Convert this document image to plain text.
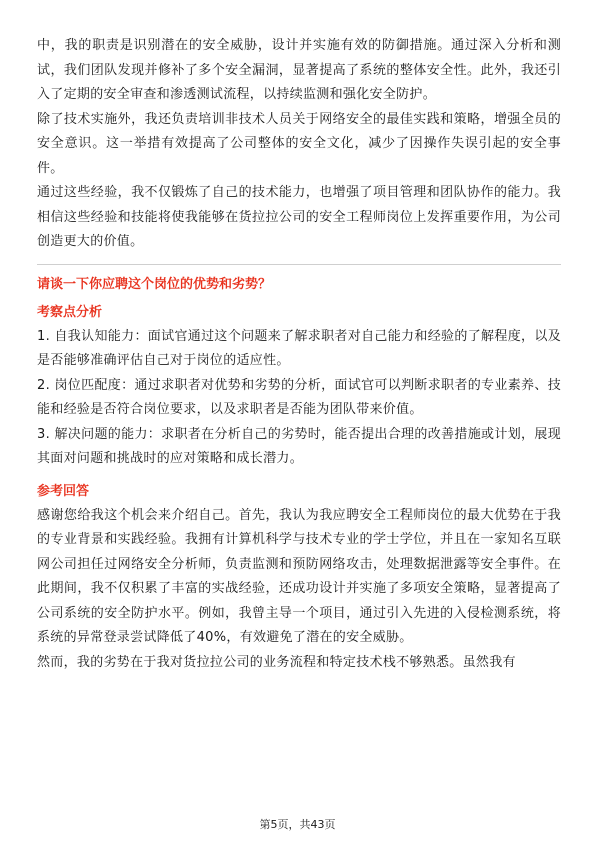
中，我的职责是识别潜在的安全威胁，设计并实施有效的防御措施。通过深入分析和测试，我们团队发现并修补了多个安全漏洞，显著提高了系统的整体安全性。此外，我还引入了定期的安全审查和渗透测试流程，以持续监测和强化安全防护。

除了技术实施外，我还负责培训非技术人员关于网络安全的最佳实践和策略，增强全员的安全意识。这一举措有效提高了公司整体的安全文化，减少了因操作失误引起的安全事件。

通过这些经验，我不仅锻炼了自己的技术能力，也增强了项目管理和团队协作的能力。我相信这些经验和技能将使我能够在货拉拉公司的安全工程师岗位上发挥重要作用，为公司创造更大的价值。

请谈一下你应聘这个岗位的优势和劣势？

考察点分析

1. 自我认知能力：面试官通过这个问题来了解求职者对自己能力和经验的了解程度，以及是否能够准确评估自己对于岗位的适应性。

2. 岗位匹配度：通过求职者对优势和劣势的分析，面试官可以判断求职者的专业素养、技能和经验是否符合岗位要求，以及求职者是否能为团队带来价值。

3. 解决问题的能力：求职者在分析自己的劣势时，能否提出合理的改善措施或计划，展现其面对问题和挑战时的应对策略和成长潜力。

参考回答

感谢您给我这个机会来介绍自己。首先，我认为我应聘安全工程师岗位的最大优势在于我的专业背景和实践经验。我拥有计算机科学与技术专业的学士学位，并且在一家知名互联网公司担任过网络安全分析师，负责监测和预防网络攻击，处理数据泄露等安全事件。在此期间，我不仅积累了丰富的实战经验，还成功设计并实施了多项安全策略，显著提高了公司系统的安全防护水平。例如，我曾主导一个项目，通过引入先进的入侵检测系统，将系统的异常登录尝试降低了40%，有效避免了潜在的安全威胁。

然而，我的劣势在于我对货拉拉公司的业务流程和特定技术栈不够熟悉。虽然我有

第5页，共43页
